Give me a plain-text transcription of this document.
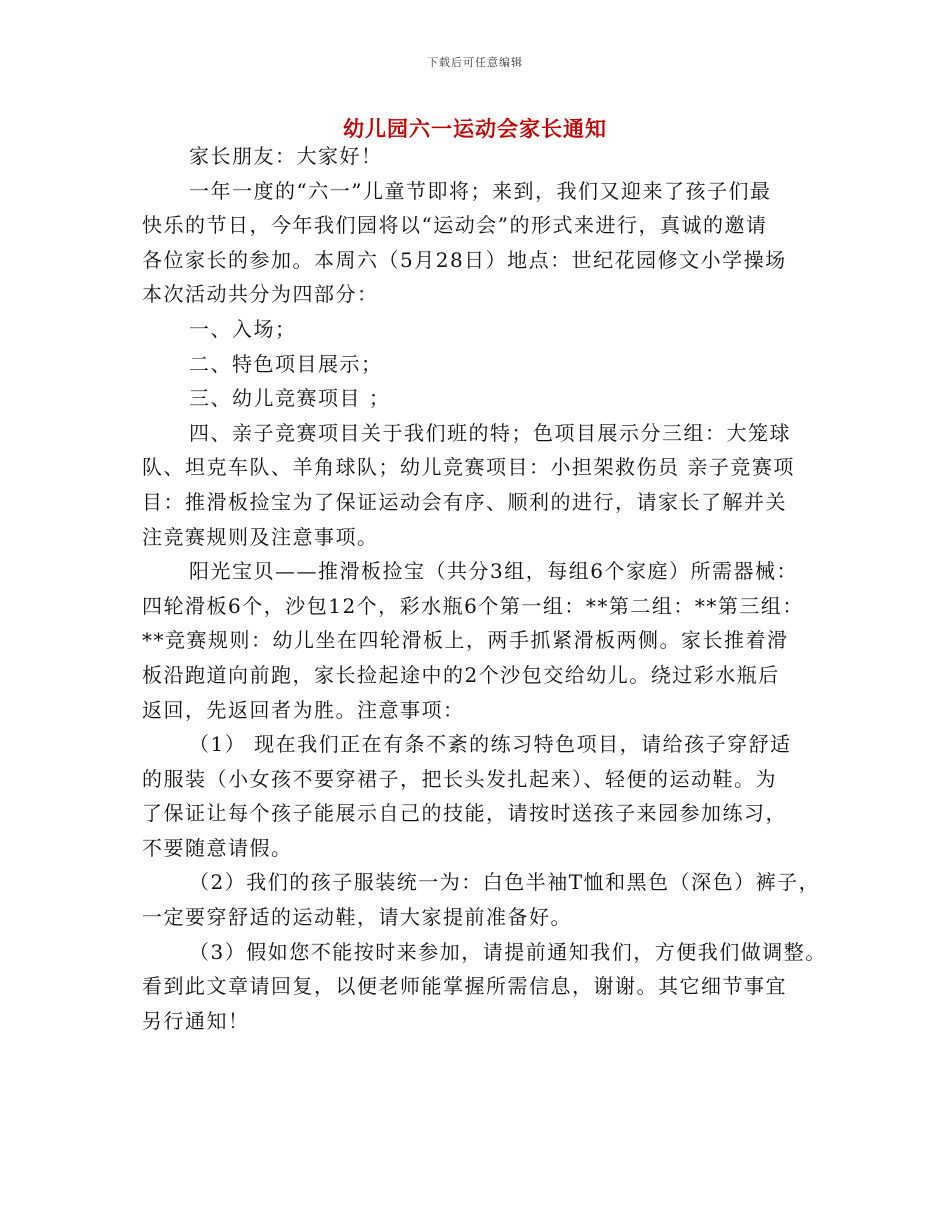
下载后可任意编辑
幼儿园六一运动会家长通知
家长朋友：大家好！
一年一度的“六一”儿童节即将；来到，我们又迎来了孩子们最
快乐的节日，今年我们园将以“运动会”的形式来进行，真诚的邀请
各位家长的参加。本周六（5月28日）地点：世纪花园修文小学操场
本次活动共分为四部分：
一、入场；
二、特色项目展示；
三、幼儿竞赛项目 ；
四、亲子竞赛项目关于我们班的特；色项目展示分三组：大笼球
队、坦克车队、羊角球队；幼儿竞赛项目：小担架救伤员 亲子竞赛项
目：推滑板捡宝为了保证运动会有序、顺利的进行，请家长了解并关
注竞赛规则及注意事项。
阳光宝贝——推滑板捡宝（共分3组，每组6个家庭）所需器械：
四轮滑板6个，沙包12个，彩水瓶6个第一组：**第二组：**第三组：
**竞赛规则：幼儿坐在四轮滑板上，两手抓紧滑板两侧。家长推着滑
板沿跑道向前跑，家长捡起途中的2个沙包交给幼儿。绕过彩水瓶后
返回，先返回者为胜。注意事项：
（1） 现在我们正在有条不紊的练习特色项目，请给孩子穿舒适
的服装（小女孩不要穿裙子，把长头发扎起来）、轻便的运动鞋。为
了保证让每个孩子能展示自己的技能，请按时送孩子来园参加练习，
不要随意请假。
（2）我们的孩子服装统一为：白色半袖T恤和黑色（深色）裤子，
一定要穿舒适的运动鞋，请大家提前准备好。
（3）假如您不能按时来参加，请提前通知我们，方便我们做调整。
看到此文章请回复，以便老师能掌握所需信息，谢谢。其它细节事宜
另行通知！
